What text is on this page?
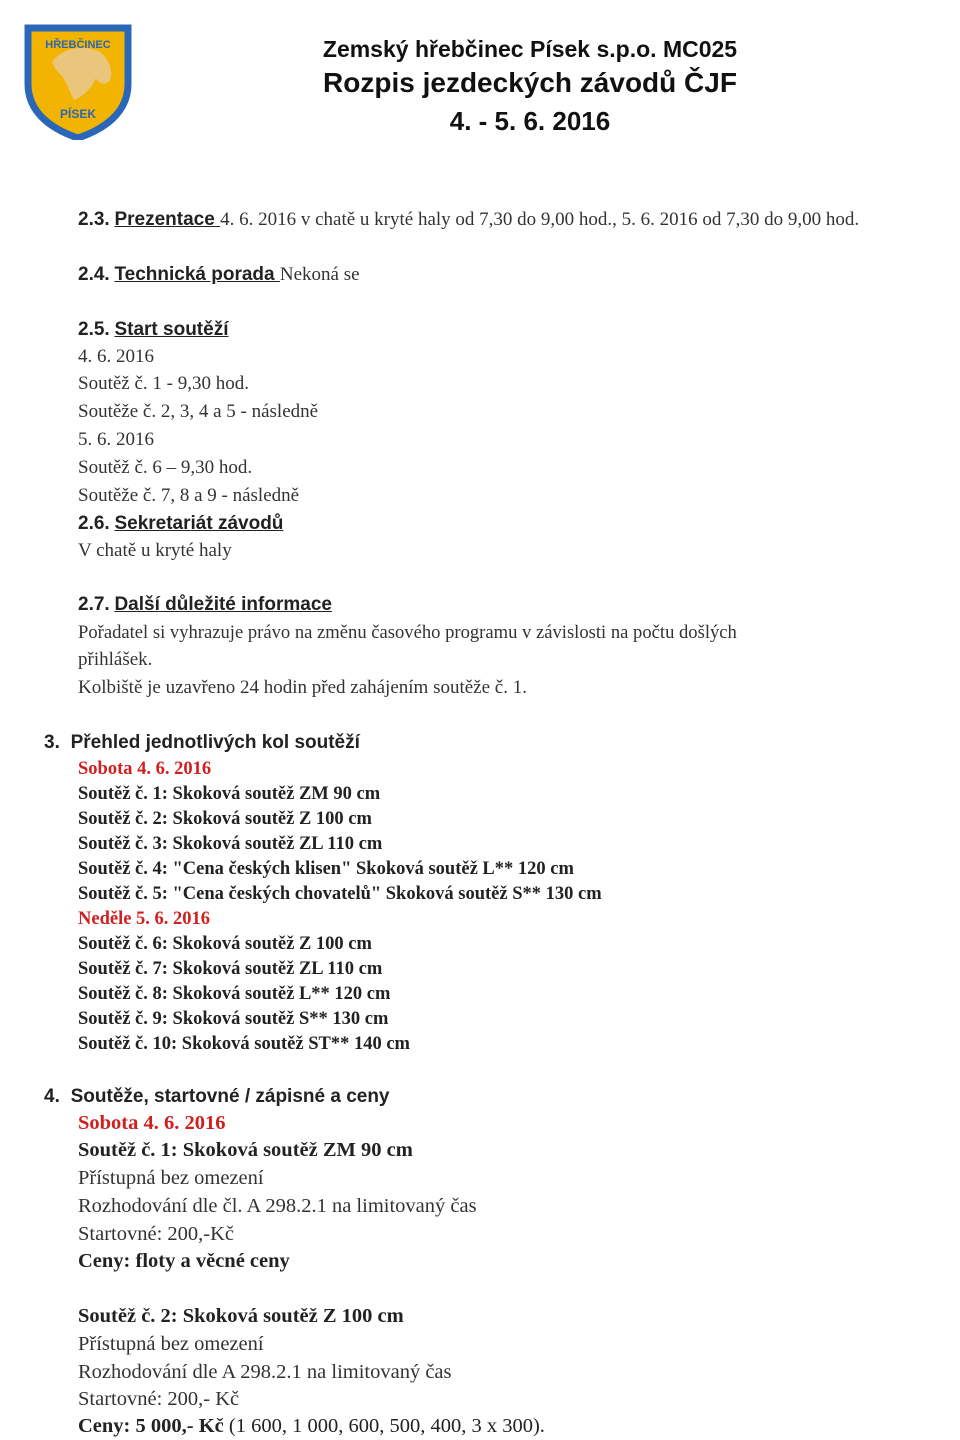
HŘEBČINEC
PÍSEK
Zemský hřebčinec Písek s.p.o. MC025
Rozpis jezdeckých závodů ČJF
4. - 5. 6. 2016
2.3. Prezentace 4. 6. 2016 v chatě u kryté haly od 7,30 do 9,00 hod., 5. 6. 2016 od 7,30 do 9,00 hod.
2.4. Technická porada Nekoná se
2.5. Start soutěží
4. 6. 2016
Soutěž č. 1 - 9,30 hod.
Soutěže č. 2, 3, 4 a 5 - následně
5. 6. 2016
Soutěž č. 6 – 9,30 hod.
Soutěže č. 7, 8 a 9 - následně
2.6. Sekretariát závodů
V chatě u kryté haly
2.7. Další důležité informace
Pořadatel si vyhrazuje právo na změnu časového programu v závislosti na počtu došlých
přihlášek.
Kolbiště je uzavřeno 24 hodin před zahájením soutěže č. 1.
3. Přehled jednotlivých kol soutěží
Sobota 4. 6. 2016
Soutěž č. 1: Skoková soutěž ZM 90 cm
Soutěž č. 2: Skoková soutěž Z 100 cm
Soutěž č. 3: Skoková soutěž ZL 110 cm
Soutěž č. 4: "Cena českých klisen" Skoková soutěž L** 120 cm
Soutěž č. 5: "Cena českých chovatelů" Skoková soutěž S** 130 cm
Neděle 5. 6. 2016
Soutěž č. 6: Skoková soutěž Z 100 cm
Soutěž č. 7: Skoková soutěž ZL 110 cm
Soutěž č. 8: Skoková soutěž L** 120 cm
Soutěž č. 9: Skoková soutěž S** 130 cm
Soutěž č. 10: Skoková soutěž ST** 140 cm
4. Soutěže, startovné / zápisné a ceny
Sobota 4. 6. 2016
Soutěž č. 1: Skoková soutěž ZM 90 cm
Přístupná bez omezení
Rozhodování dle čl. A 298.2.1 na limitovaný čas
Startovné: 200,-Kč
Ceny: floty a věcné ceny
Soutěž č. 2: Skoková soutěž Z 100 cm
Přístupná bez omezení
Rozhodování dle A 298.2.1 na limitovaný čas
Startovné: 200,- Kč
Ceny: 5 000,- Kč (1 600, 1 000, 600, 500, 400, 3 x 300).
